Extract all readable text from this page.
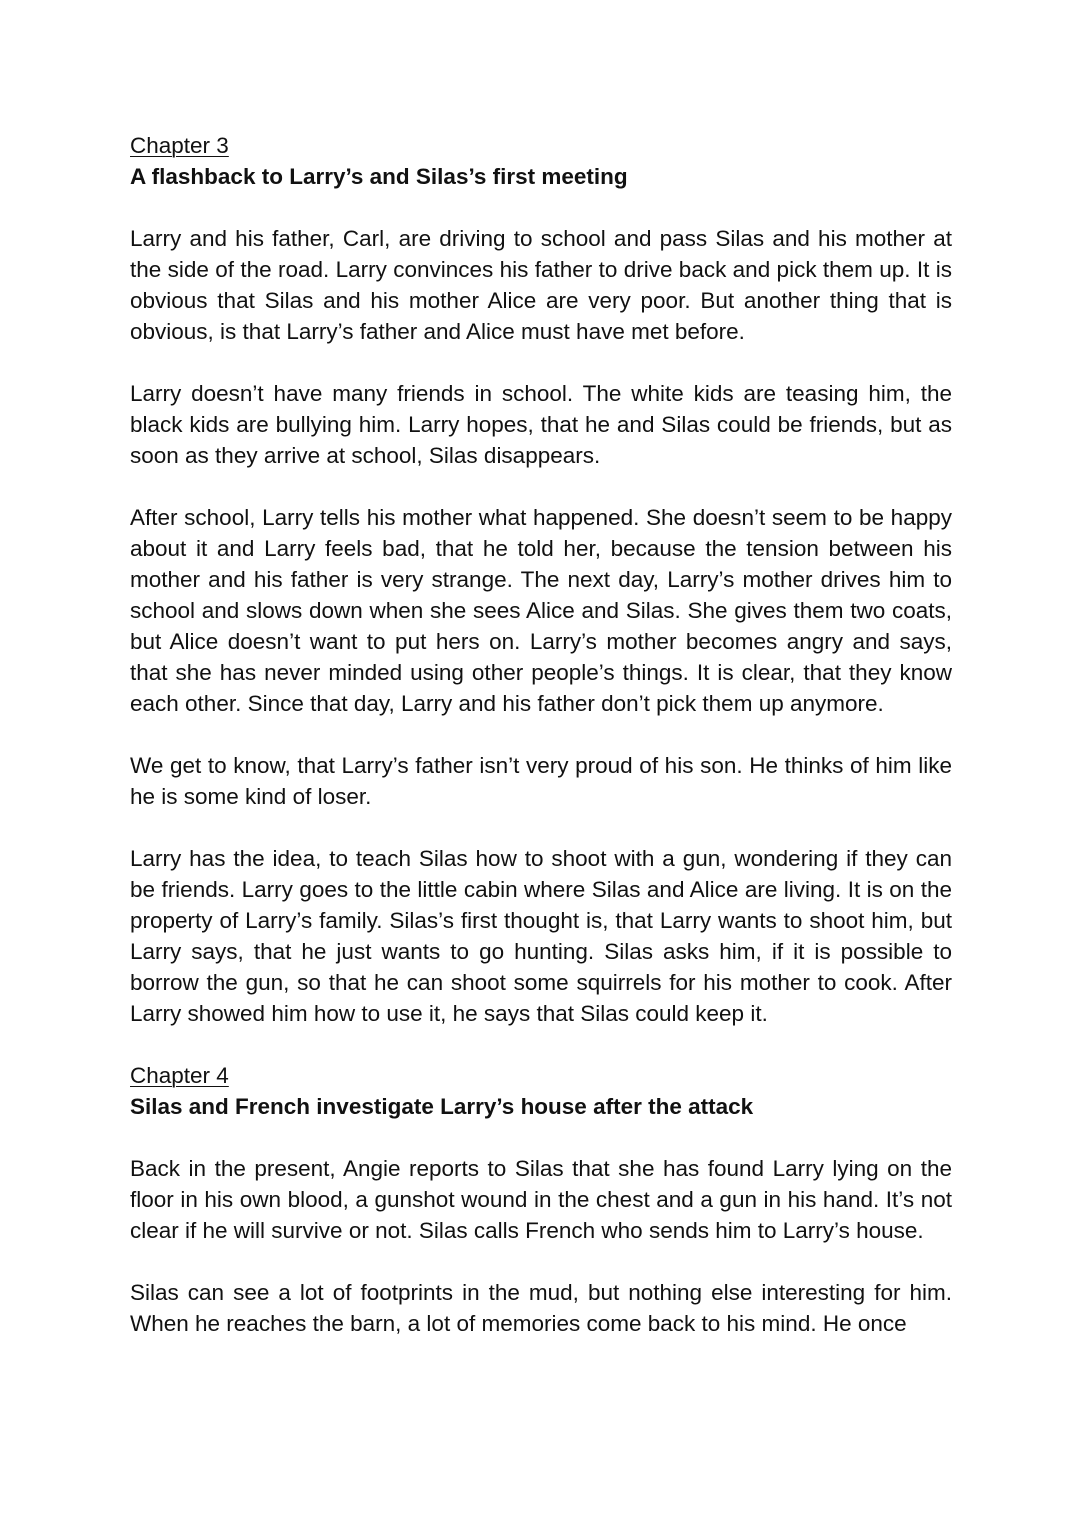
Chapter 3

A flashback to Larry’s and Silas’s first meeting

Larry and his father, Carl, are driving to school and pass Silas and his mother at the side of the road. Larry convinces his father to drive back and pick them up. It is obvious that Silas and his mother Alice are very poor. But another thing that is obvious, is that Larry’s father and Alice must have met before.

Larry doesn’t have many friends in school. The white kids are teasing him, the black kids are bullying him. Larry hopes, that he and Silas could be friends, but as soon as they arrive at school, Silas disappears.

After school, Larry tells his mother what happened. She doesn’t seem to be happy about it and Larry feels bad, that he told her, because the tension between his mother and his father is very strange. The next day, Larry’s mother drives him to school and slows down when she sees Alice and Silas. She gives them two coats, but Alice doesn’t want to put hers on. Larry’s mother becomes angry and says, that she has never minded using other people’s things. It is clear, that they know each other. Since that day, Larry and his father don’t pick them up anymore.

We get to know, that Larry’s father isn’t very proud of his son. He thinks of him like he is some kind of loser.

Larry has the idea, to teach Silas how to shoot with a gun, wondering if they can be friends. Larry goes to the little cabin where Silas and Alice are living. It is on the property of Larry’s family. Silas’s first thought is, that Larry wants to shoot him, but Larry says, that he just wants to go hunting. Silas asks him, if it is possible to borrow the gun, so that he can shoot some squirrels for his mother to cook. After Larry showed him how to use it, he says that Silas could keep it.

Chapter 4

Silas and French investigate Larry’s house after the attack

Back in the present, Angie reports to Silas that she has found Larry lying on the floor in his own blood, a gunshot wound in the chest and a gun in his hand. It’s not clear if he will survive or not. Silas calls French who sends him to Larry’s house.

Silas can see a lot of footprints in the mud, but nothing else interesting for him. When he reaches the barn, a lot of memories come back to his mind. He once
